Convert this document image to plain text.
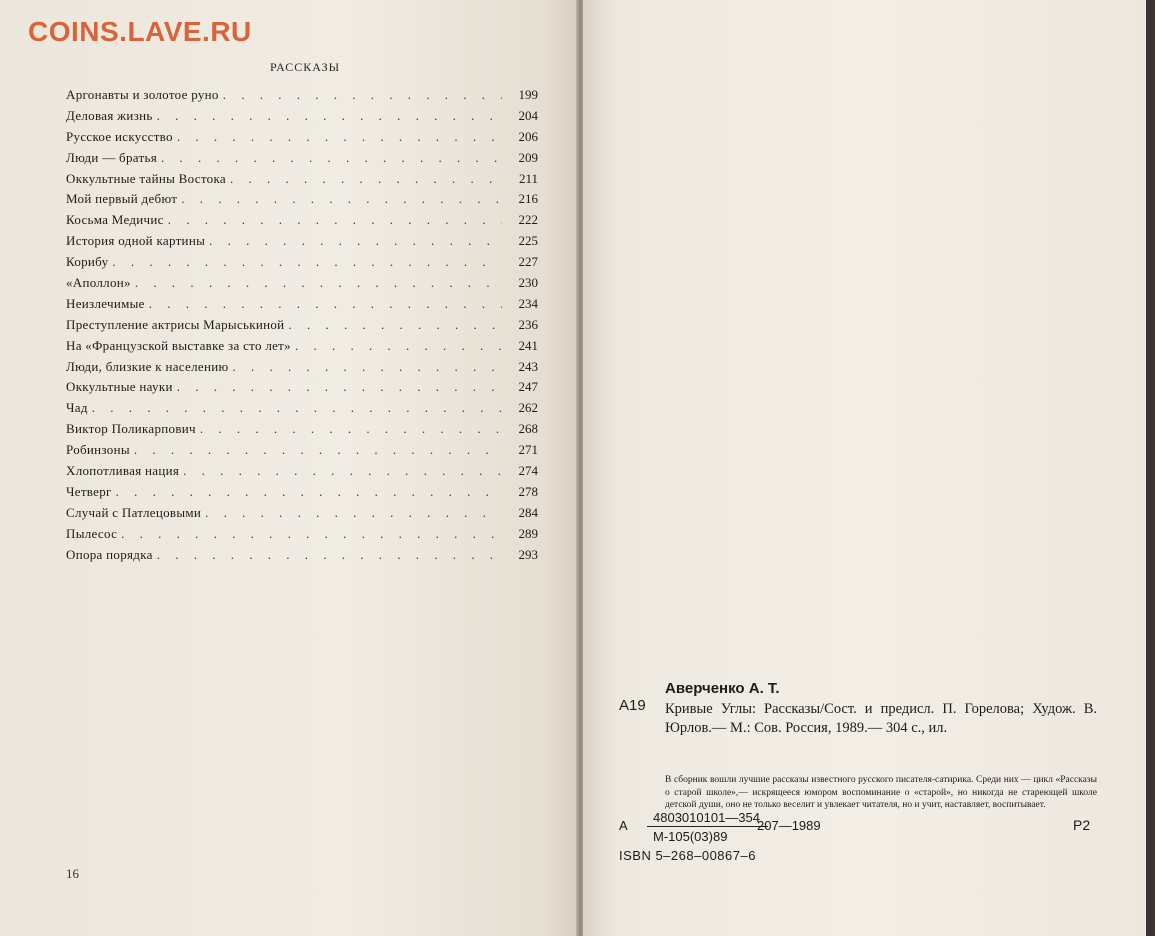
РАССКАЗЫ
Аргонавты и золотое руно . . .	199
Деловая жизнь . . .	204
Русское искусство . . .	206
Люди — братья . . .	209
Оккультные тайны Востока . . .	211
Мой первый дебют . . .	216
Косьма Медичис . . .	222
История одной картины . . .	225
Корибу . . .	227
«Аполлон» . . .	230
Неизлечимые . . .	234
Преступление актрисы Марыськиной . . .	236
На «Французской выставке за сто лет» . . .	241
Люди, близкие к населению . . .	243
Оккультные науки . . .	247
Чад . . .	262
Виктор Поликарпович . . .	268
Робинзоны . . .	271
Хлопотливая нация . . .	274
Четверг . . .	278
Случай с Патлецовыми . . .	284
Пылесос . . .	289
Опора порядка . . .	293
16
А19
Аверченко А. Т.
Кривые Углы: Рассказы/Сост. и предисл. П. Горелова; Худож. В. Юрлов.— М.: Сов. Россия, 1989.— 304 с., ил.
В сборник вошли лучшие рассказы известного русского писателя-сатирика. Среди них — цикл «Рассказы о старой школе»,— искрящееся юмором воспоминание о «старой», но никогда не стареющей школе детской души, оно не только веселит и увлекает читателя, но и учит, наставляет, воспитывает.
А
4803010101—354
М-105(03)89
207—1989	Р2
ISBN 5–268–00867–6
COINS.LAVE.RU
